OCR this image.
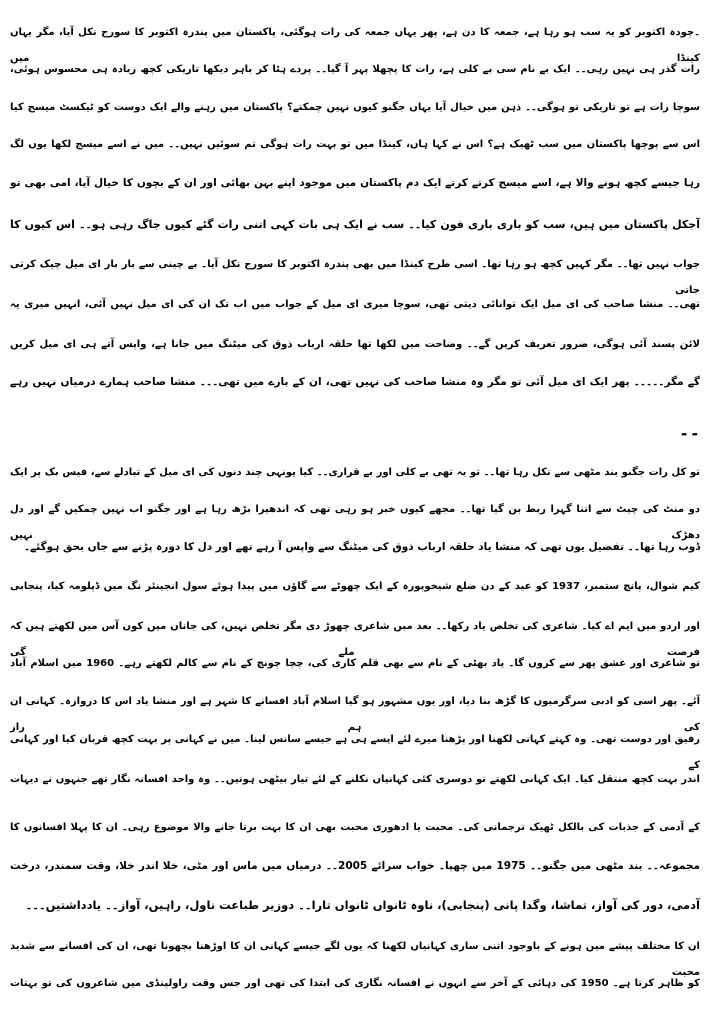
۔چودہ اکتوبر کو یہ سب ہو رہا ہے، جمعہ کا دن ہے، پھر یہاں جمعہ کی رات ہوگئی، پاکستان میں پندرہ اکتوبر کا سورج نکل آیا، مگر یہاں کینڈا میں
رات گذر ہی نہیں رہی۔۔ ایک بے نام سی بے کلی ہے، رات کا پچھلا پہر آ گیا۔۔ پردے ہٹا کر باہر دیکھا تاریکی کچھ زیادہ ہی محسوس ہوئی،
سوچا رات ہے تو تاریکی تو ہوگی۔۔ ذہن میں خیال آیا یہاں جگنو کیوں نہیں چمکتے؟ پاکستان میں رہنے والے ایک دوست کو ٹیکسٹ میسج کیا
اس سے پوچھا پاکستان میں سب ٹھیک ہے؟ اس نے کہا ہاں، کینڈا میں تو بہت رات ہوگی تم سوئیں نہیں۔۔ میں نے اسے میسج لکھا یوں لگ
رہا جیسے کچھ ہونے والا ہے، اسے میسج کرتے کرتے ایک دم پاکستان میں موجود اپنے بہن بھائی اور ان کے بچوں کا خیال آیا، امی بھی تو
آجکل پاکستان میں ہیں، سب کو باری باری فون کیا۔۔ سب نے ایک ہی بات کہی اتنی رات گئے کیوں جاگ رہی ہو۔۔ اس کیوں کا
جواب نہیں تھا۔۔ مگر کہیں کچھ ہو رہا تھا۔ اسی طرح کینڈا میں بھی پندرہ اکتوبر کا سورج نکل آیا۔ بے چینی سے بار بار ای میل چیک کرتی جاتی
تھی۔۔ منشا صاحب کی ای میل ایک توانائی دیتی تھی، سوچا میری ای میل کے جواب میں اب تک ان کی ای میل نہیں آئی، انہیں میری یہ
لائن پسند آئی ہوگی، ضرور تعریف کریں گے۔۔ وضاحت میں لکھا تھا حلقہ ارباب ذوق کی میٹنگ میں جانا ہے، واپس آتے ہی ای میل کریں
گے مگر۔۔۔۔۔ پھر ایک ای میل آئی تو مگر وہ منشا صاحب کی نہیں تھی، ان کے بارے میں تھی۔۔۔ منشا صاحب ہمارے درمیاں نہیں رہے
۔۔
تو کل رات جگنو بند مٹھی سے نکل رہا تھا۔۔ تو یہ تھی بے کلی اور بے قراری۔۔ کیا یونہی چند دنوں کی ای میل کے تبادلے سے، فیس بک پر ایک
دو منٹ کی چیٹ سے اتنا گہرا ربط بن گیا تھا۔۔ مجھے کیوں خبر ہو رہی تھی کہ اندھیرا بڑھ رہا ہے اور جگنو اب نہیں چمکیں گے اور دل دھڑک نہیں
ڈوب رہا تھا۔۔ تفصیل یوں تھی کہ منشا یاد حلقہ ارباب ذوق کی میٹنگ سے واپس آ رہے تھے اور دل کا دورہ پڑنے سے جاں بحق ہوگئے۔
کیم شوال، پانچ ستمبر، 1937 کو عید کے دن ضلع شیخوپورہ کے ایک چھوٹے سے گاؤں میں پیدا ہوئے سول انجینئر نگ میں ڈپلومہ کیا، پنجابی
اور اردو میں ایم اے کیا۔ شاعری کی تخلص یاد رکھا۔۔ بعد میں شاعری چھوڑ دی مگر تخلص نہیں، کی جاناں میں کون آس میں لکھتے ہیں کہ فرصت ملے گی
تو شاعری اور عشق پھر سے کروں گا۔ یاد بھٹی کے نام سے بھی قلم کاری کی، چچا چونچ کے نام سے کالم لکھتے رہے۔ 1960 میں اسلام آباد
آئے۔ پھر اسی کو ادبی سرگرمیوں کا گڑھ بنا دیا، اور یوں مشہور ہو گیا اسلام آباد افسانے کا شہر ہے اور منشا یاد اس کا دروازہ۔ کہانی ان کی ہم راز
رفیق اور دوست تھی۔ وہ کہتے کہانی لکھنا اور پڑھنا میرے لئے ایسے ہی ہے جیسے سانس لینا۔ میں نے کہانی پر بہت کچھ قربان کیا اور کہانی کے
اندر بہت کچھ منتقل کیا۔ ایک کہانی لکھتے تو دوسری کئی کہانیاں نکلنے کے لئے تیار بیٹھی ہوتیں۔۔ وہ واحد افسانہ نگار تھے جنہوں نے دیہات
کے آدمی کے جذبات کی بالکل ٹھیک ترجمانی کی۔ محبت یا ادھوری محبت بھی ان کا بہت برتا جانے والا موضوع رہی۔ ان کا پہلا افسانوں کا
مجموعہ۔۔ بند مٹھی میں جگنو۔۔ 1975 میں چھپا۔ خواب سرائے 2005۔۔ درمیاں میں ماس اور مٹی، خلا اندر خلا، وقت سمندر، درخت
آدمی، دور کی آواز، تماشا، وگدا پانی (پنجابی)، ناوہ ٹانواں ٹانواں تارا۔۔ دوزیر طباعت ناول، راہیں، آواز۔۔ یادداشتیں۔۔۔
ان کا مختلف پیشے میں ہونے کے باوجود اتنی ساری کہانیاں لکھنا کہ یوں لگے جیسے کہانی ان کا اوڑھنا بچھونا تھی، ان کی افسانے سے شدید محبت
کو ظاہر کرتا ہے۔ 1950 کی دہائی کے آخر سے انہوں نے افسانہ نگاری کی ابتدا کی تھی اور جس وقت راولپنڈی میں شاعروں کی تو بہتات
